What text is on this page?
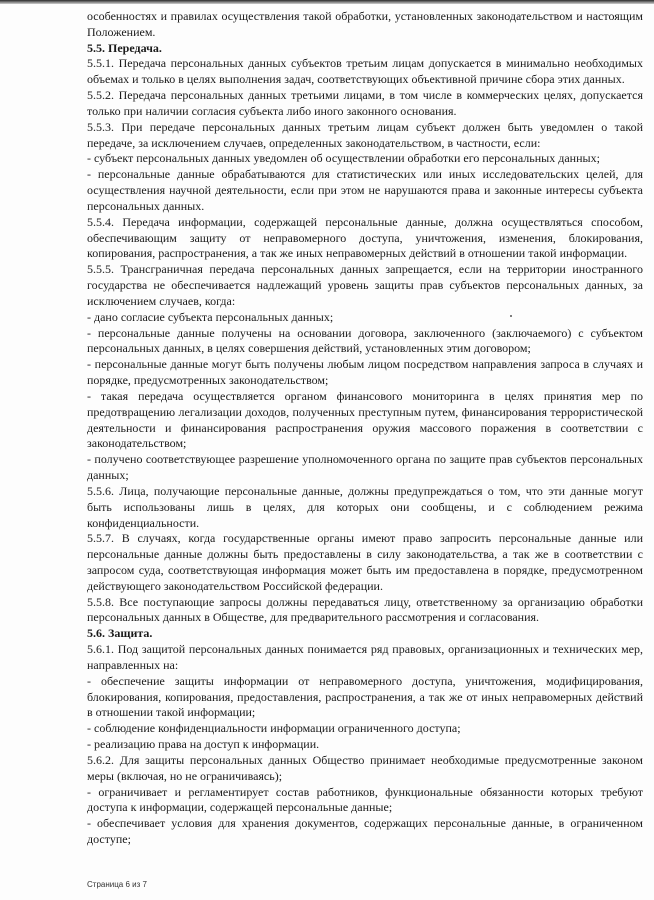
особенностях и правилах осуществления такой обработки, установленных законодательством и настоящим
Положением.
5.5. Передача.
5.5.1. Передача персональных данных субъектов третьим лицам допускается в минимально необходимых
объемах и только в целях выполнения задач, соответствующих объективной причине сбора этих данных.
5.5.2. Передача персональных данных третьими лицами, в том числе в коммерческих целях, допускается
только при наличии согласия субъекта либо иного законного основания.
5.5.3. При передаче персональных данных третьим лицам субъект должен быть уведомлен о такой
передаче, за исключением случаев, определенных законодательством, в частности, если:
- субъект персональных данных уведомлен об осуществлении обработки его персональных данных;
- персональные данные обрабатываются для статистических или иных исследовательских целей, для
осуществления научной деятельности, если при этом не нарушаются права и законные интересы субъекта
персональных данных.
5.5.4. Передача информации, содержащей персональные данные, должна осуществляться способом,
обеспечивающим защиту от неправомерного доступа, уничтожения, изменения, блокирования,
копирования, распространения, а так же иных неправомерных действий в отношении такой информации.
5.5.5. Трансграничная передача персональных данных запрещается, если на территории иностранного
государства не обеспечивается надлежащий уровень защиты прав субъектов персональных данных, за
исключением случаев, когда:
- дано согласие субъекта персональных данных;
- персональные данные получены на основании договора, заключенного (заключаемого) с субъектом
персональных данных, в целях совершения действий, установленных этим договором;
- персональные данные могут быть получены любым лицом посредством направления запроса в случаях и
порядке, предусмотренных законодательством;
- такая передача осуществляется органом финансового мониторинга в целях принятия мер по
предотвращению легализации доходов, полученных преступным путем, финансирования террористической
деятельности и финансирования распространения оружия массового поражения в соответствии с
законодательством;
- получено соответствующее разрешение уполномоченного органа по защите прав субъектов персональных
данных;
5.5.6. Лица, получающие персональные данные, должны предупреждаться о том, что эти данные могут
быть использованы лишь в целях, для которых они сообщены, и с соблюдением режима
конфиденциальности.
5.5.7. В случаях, когда государственные органы имеют право запросить персональные данные или
персональные данные должны быть предоставлены в силу законодательства, а так же в соответствии с
запросом суда, соответствующая информация может быть им предоставлена в порядке, предусмотренном
действующего законодательством Российской федерации.
5.5.8. Все поступающие запросы должны передаваться лицу, ответственному за организацию обработки
персональных данных в Обществе, для предварительного рассмотрения и согласования.
5.6. Защита.
5.6.1. Под защитой персональных данных понимается ряд правовых, организационных и технических мер,
направленных на:
- обеспечение защиты информации от неправомерного доступа, уничтожения, модифицирования,
блокирования, копирования, предоставления, распространения, а так же от иных неправомерных действий
в отношении такой информации;
- соблюдение конфиденциальности информации ограниченного доступа;
- реализацию права на доступ к информации.
5.6.2. Для защиты персональных данных Общество принимает необходимые предусмотренные законом
меры (включая, но не ограничиваясь);
- ограничивает и регламентирует состав работников, функциональные обязанности которых требуют
доступа к информации, содержащей персональные данные;
- обеспечивает условия для хранения документов, содержащих персональные данные, в ограниченном
доступе;
Страница 6 из 7
